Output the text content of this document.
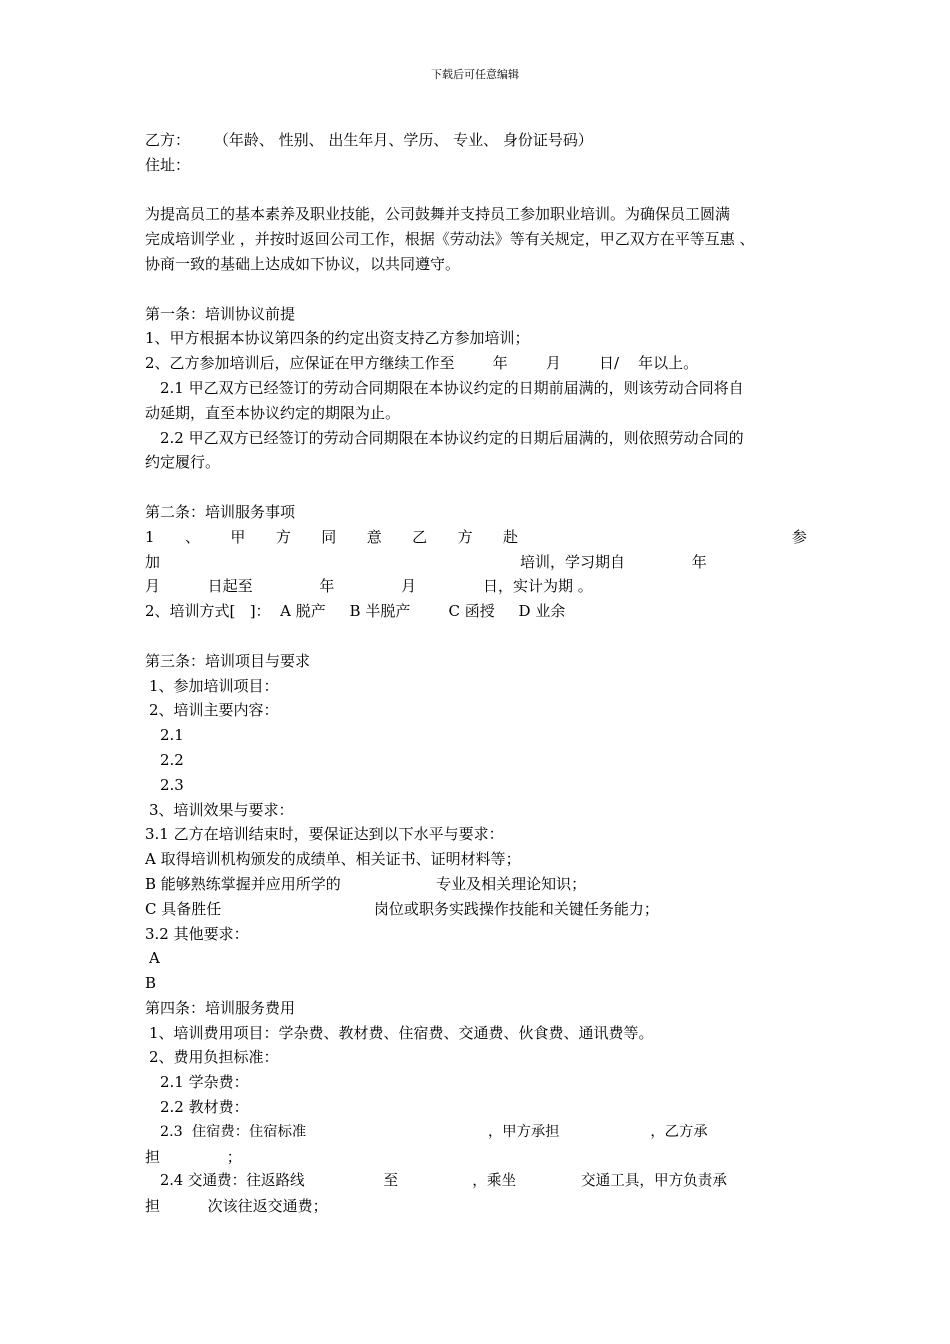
下载后可任意编辑
乙方：     （年龄、 性别、 出生年月、学历、 专业、 身份证号码）
住址：
为提高员工的基本素养及职业技能，公司鼓舞并支持员工参加职业培训。为确保员工圆满
完成培训学业 ，并按时返回公司工作，根据《劳动法》等有关规定，甲乙双方在平等互惠 、
协商一致的基础上达成如下协议，以共同遵守。
第一条：培训协议前提
1、甲方根据本协议第四条的约定出资支持乙方参加培训；
2、乙方参加培训后，应保证在甲方继续工作至        年        月        日/    年以上。
2.1 甲乙双方已经签订的劳动合同期限在本协议约定的日期前届满的，则该劳动合同将自
动延期，直至本协议约定的期限为止。
2.2 甲乙双方已经签订的劳动合同期限在本协议约定的日期后届满的，则依照劳动合同的
约定履行。
第二条：培训服务事项
1 、 甲 方 同 意 乙 方 赴	参
加	培训，学习期自              年
月          日起至              年              月              日，实计为期 。
2、培训方式[   ]：  A 脱产     B 半脱产        C 函授     D 业余
第三条：培训项目与要求
1、参加培训项目：
2、培训主要内容：
2.1
2.2
2.3
3、培训效果与要求：
3.1 乙方在培训结束时，要保证达到以下水平与要求：
A 取得培训机构颁发的成绩单、相关证书、证明材料等；
B 能够熟练掌握并应用所学的                    专业及相关理论知识；
C 具备胜任                                岗位或职务实践操作技能和关键任务能力；
3.2 其他要求：
A
B
第四条：培训服务费用
1、培训费用项目：学杂费、教材费、住宿费、交通费、伙食费、通讯费等。
2、费用负担标准：
2.1 学杂费：
2.2 教材费：
2.3  住宿费：住宿标准                                        ，甲方承担                    ，乙方承
担              ；
2.4 交通费：往返路线                 至                ，乘坐              交通工具，甲方负责承
担          次该往返交通费；
